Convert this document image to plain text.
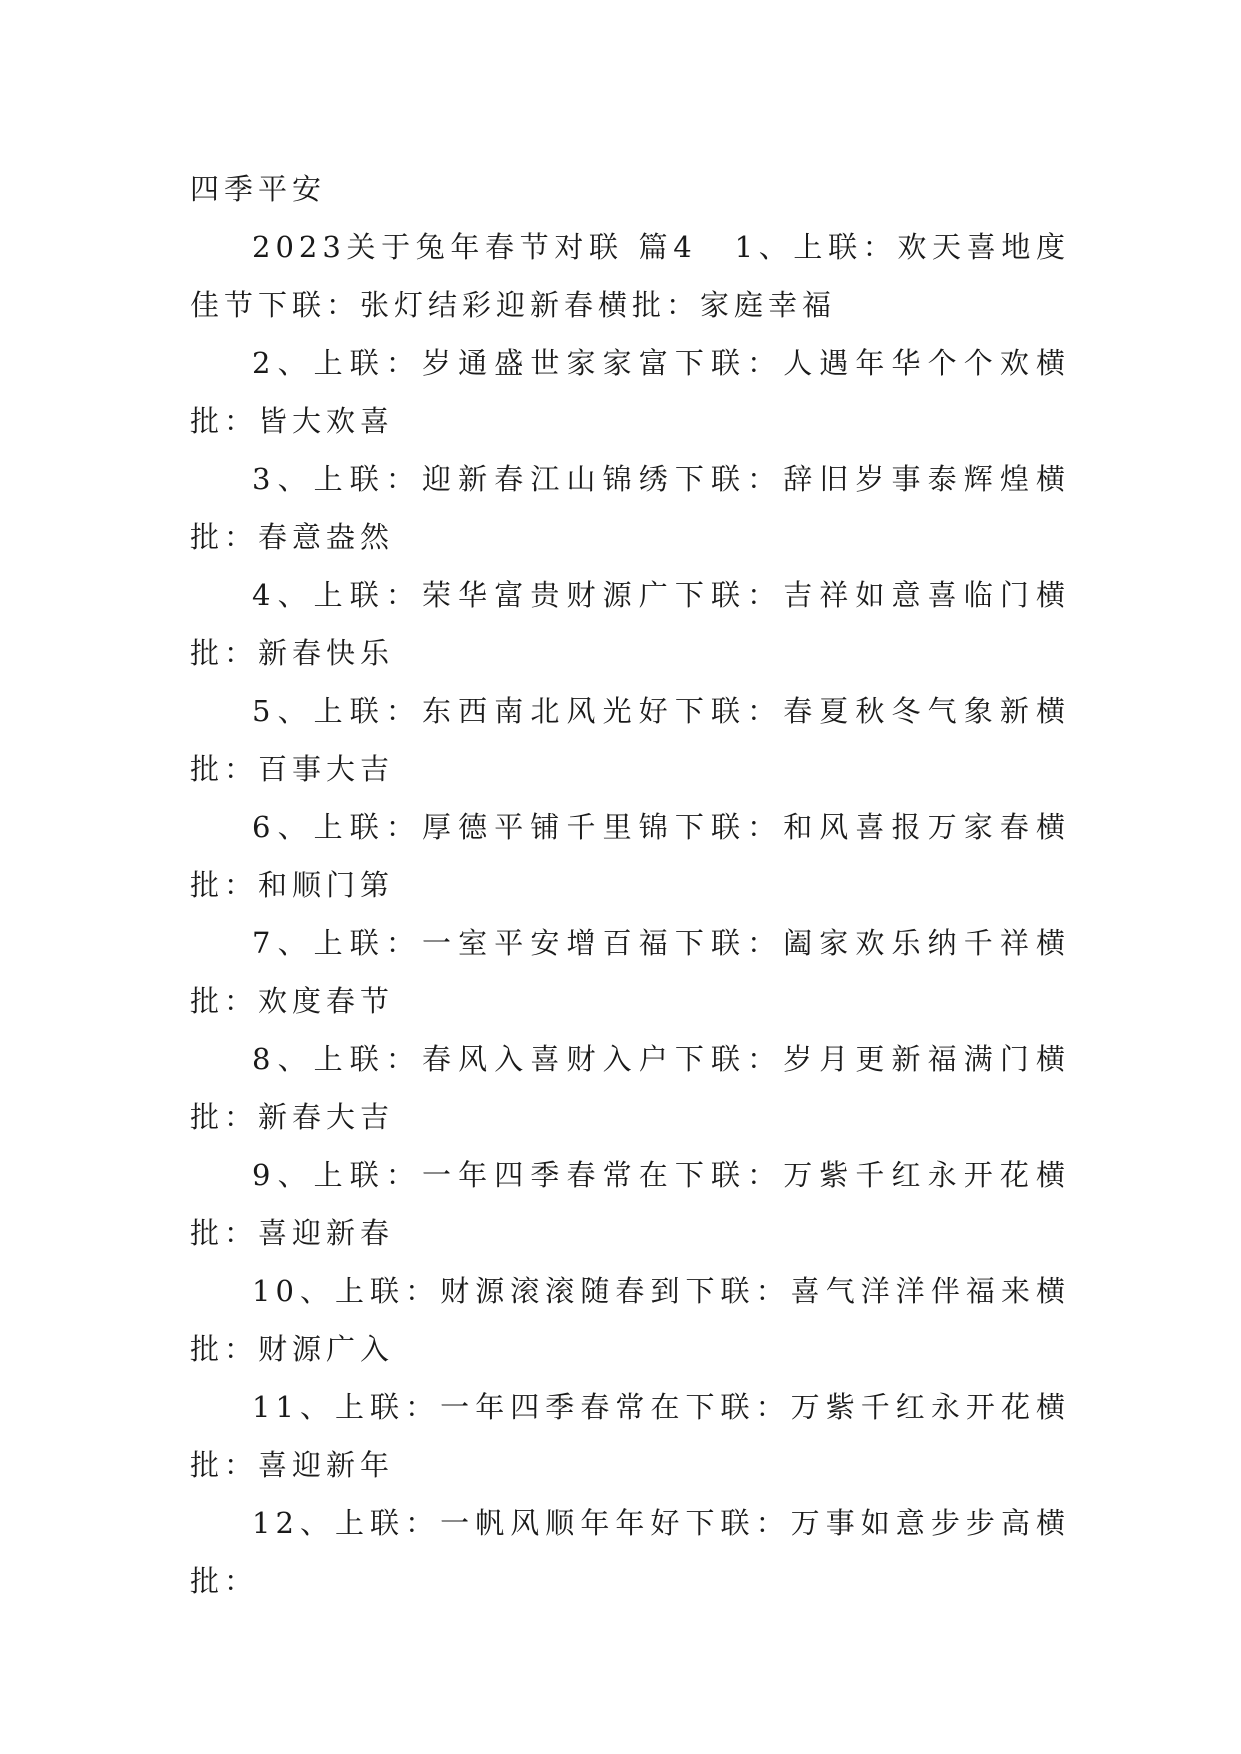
四季平安

2023关于兔年春节对联 篇4 1、上联：欢天喜地度佳节下联：张灯结彩迎新春横批：家庭幸福

2、上联：岁通盛世家家富下联：人遇年华个个欢横批：皆大欢喜

3、上联：迎新春江山锦绣下联：辞旧岁事泰辉煌横批：春意盎然

4、上联：荣华富贵财源广下联：吉祥如意喜临门横批：新春快乐

5、上联：东西南北风光好下联：春夏秋冬气象新横批：百事大吉

6、上联：厚德平铺千里锦下联：和风喜报万家春横批：和顺门第

7、上联：一室平安增百福下联：阖家欢乐纳千祥横批：欢度春节

8、上联：春风入喜财入户下联：岁月更新福满门横批：新春大吉

9、上联：一年四季春常在下联：万紫千红永开花横批：喜迎新春

10、上联：财源滚滚随春到下联：喜气洋洋伴福来横批：财源广入

11、上联：一年四季春常在下联：万紫千红永开花横批：喜迎新年

12、上联：一帆风顺年年好下联：万事如意步步高横批：
